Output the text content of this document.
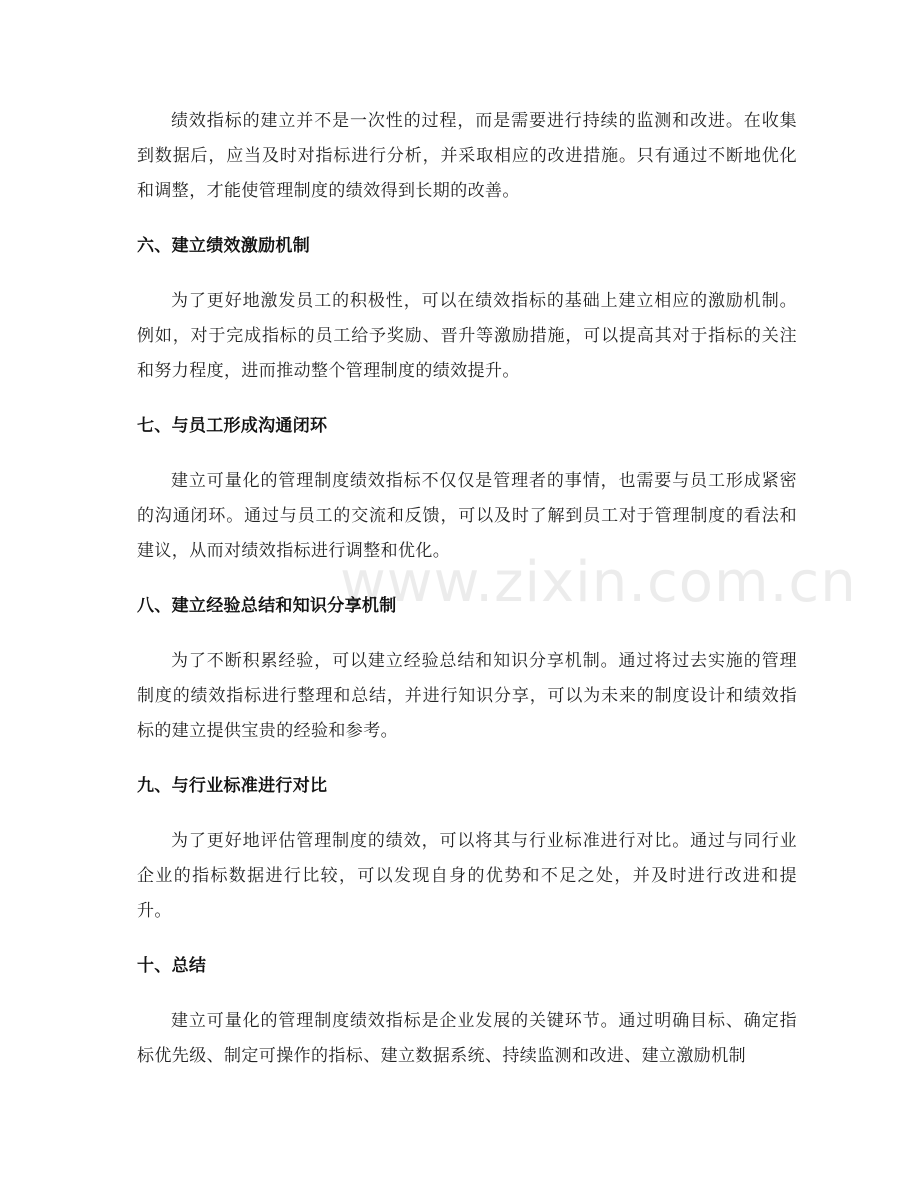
绩效指标的建立并不是一次性的过程，而是需要进行持续的监测和改进。在收集到数据后，应当及时对指标进行分析，并采取相应的改进措施。只有通过不断地优化和调整，才能使管理制度的绩效得到长期的改善。

六、建立绩效激励机制

为了更好地激发员工的积极性，可以在绩效指标的基础上建立相应的激励机制。例如，对于完成指标的员工给予奖励、晋升等激励措施，可以提高其对于指标的关注和努力程度，进而推动整个管理制度的绩效提升。

七、与员工形成沟通闭环

建立可量化的管理制度绩效指标不仅仅是管理者的事情，也需要与员工形成紧密的沟通闭环。通过与员工的交流和反馈，可以及时了解到员工对于管理制度的看法和建议，从而对绩效指标进行调整和优化。

八、建立经验总结和知识分享机制

为了不断积累经验，可以建立经验总结和知识分享机制。通过将过去实施的管理制度的绩效指标进行整理和总结，并进行知识分享，可以为未来的制度设计和绩效指标的建立提供宝贵的经验和参考。

九、与行业标准进行对比

为了更好地评估管理制度的绩效，可以将其与行业标准进行对比。通过与同行业企业的指标数据进行比较，可以发现自身的优势和不足之处，并及时进行改进和提升。

十、总结

建立可量化的管理制度绩效指标是企业发展的关键环节。通过明确目标、确定指标优先级、制定可操作的指标、建立数据系统、持续监测和改进、建立激励机制

www.zixin.com.cn
